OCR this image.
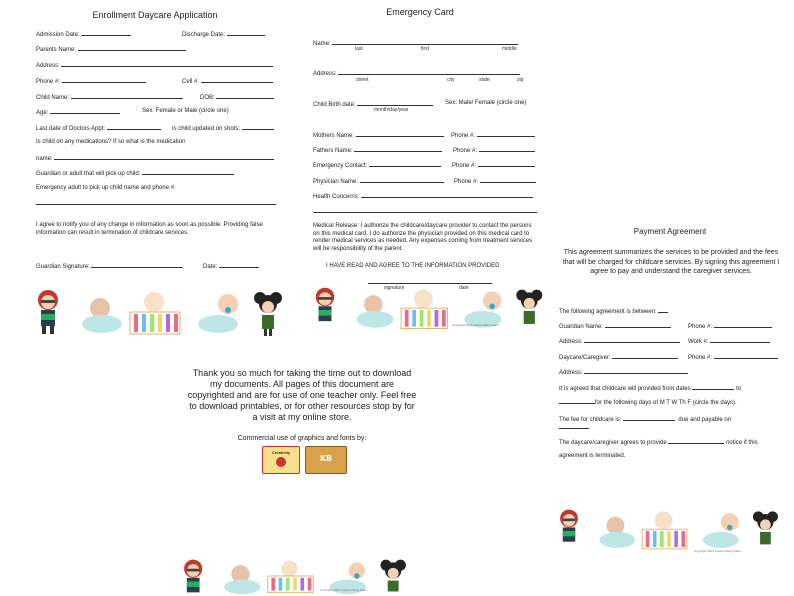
Enrollment Daycare Application
Admission Date:	Discharge Date:
Parents Name:
Address:
Phone #:	Cell #:
Child Name:	DOB:
Age:	Sex: Female or Male (circle one)
Last date of Doctors Appt:	Is child updated on shots:
Is child on any medications? If so what is the medication
name:
Guardian or adult that will pick up child:
Emergency adult to pick up child name and phone #:
I agree to notify you of any change in information as soon as possible. Providing false information can result in termination of childcare services.
Guardian Signature:	Date:
Emergency Card
Name:
last	first	middle
Address:
street	city	state	zip
Child Birth date:	Sex: Male/ Female (circle one)
month/day/year
Mothers Name:	Phone #:
Fathers Name:	Phone #:
Emergency Contact:	Phone #:
Physician Name:	Phone #:
Health Concerns:
Medical Release: I authorize the childcare/daycare provider to contact the persons on this medical card. I do authorize the physician provided on this medical card to render medical services as needed. Any expenses coming from treatment services will be responsibility of the parent.
I HAVE READ AND AGREE TO THE INFORMATION PROVIDED
signature	date
Payment Agreement
This agreement summarizes the services to be provided and the fees that will be charged for childcare services. By signing this agreement I agree to pay and understand the caregiver services.
The following agreement is between:
Guardian Name:	Phone #:
Address:	Work #:
Daycare/Caregiver:	Phone #:
Address:
It is agreed that childcare will provided from dates	to
for the following days of M T W Th F (circle the days).
The fee for childcare is:	due and payable on
The daycare/caregiver agrees to provide	notice if this
agreement is terminated.
Thank you so much for taking the time out to download my documents. All pages of this document are copyrighted and are for use of one teacher only. Feel free to download printables, or for other resources stop by for a visit at my online store.
Commercial use of graphics and fonts by:
Creativity
KB
Copyright 2016 Fellow Rising Stars
Copyright 2016 Fellow Rising Stars
Copyright 2016 Fellow Rising Stars
